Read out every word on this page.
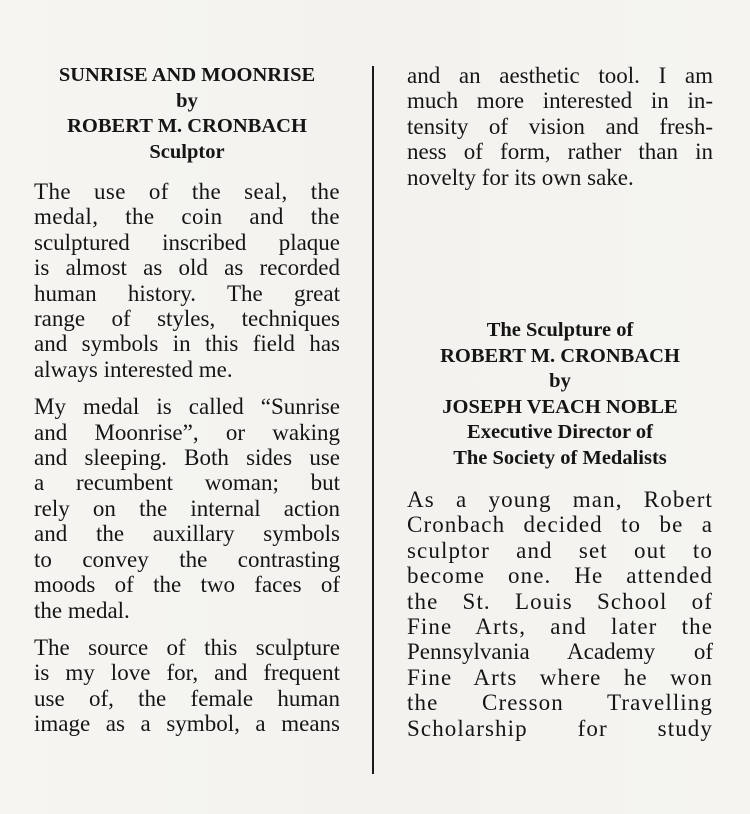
SUNRISE AND MOONRISE
by
ROBERT M. CRONBACH
Sculptor
The use of the seal, the
medal, the coin and the
sculptured inscribed plaque
is almost as old as recorded
human history. The great
range of styles, techniques
and symbols in this field has
always interested me.
My medal is called “Sunrise
and Moonrise”, or waking
and sleeping. Both sides use
a recumbent woman; but
rely on the internal action
and the auxillary symbols
to convey the contrasting
moods of the two faces of
the medal.
The source of this sculpture
is my love for, and frequent
use of, the female human
image as a symbol, a means
and an aesthetic tool. I am
much more interested in in-
tensity of vision and fresh-
ness of form, rather than in
novelty for its own sake.
The Sculpture of
ROBERT M. CRONBACH
by
JOSEPH VEACH NOBLE
Executive Director of
The Society of Medalists
As a young man, Robert
Cronbach decided to be a
sculptor and set out to
become one. He attended
the St. Louis School of
Fine Arts, and later the
Pennsylvania Academy of
Fine Arts where he won
the Cresson Travelling
Scholarship for study
